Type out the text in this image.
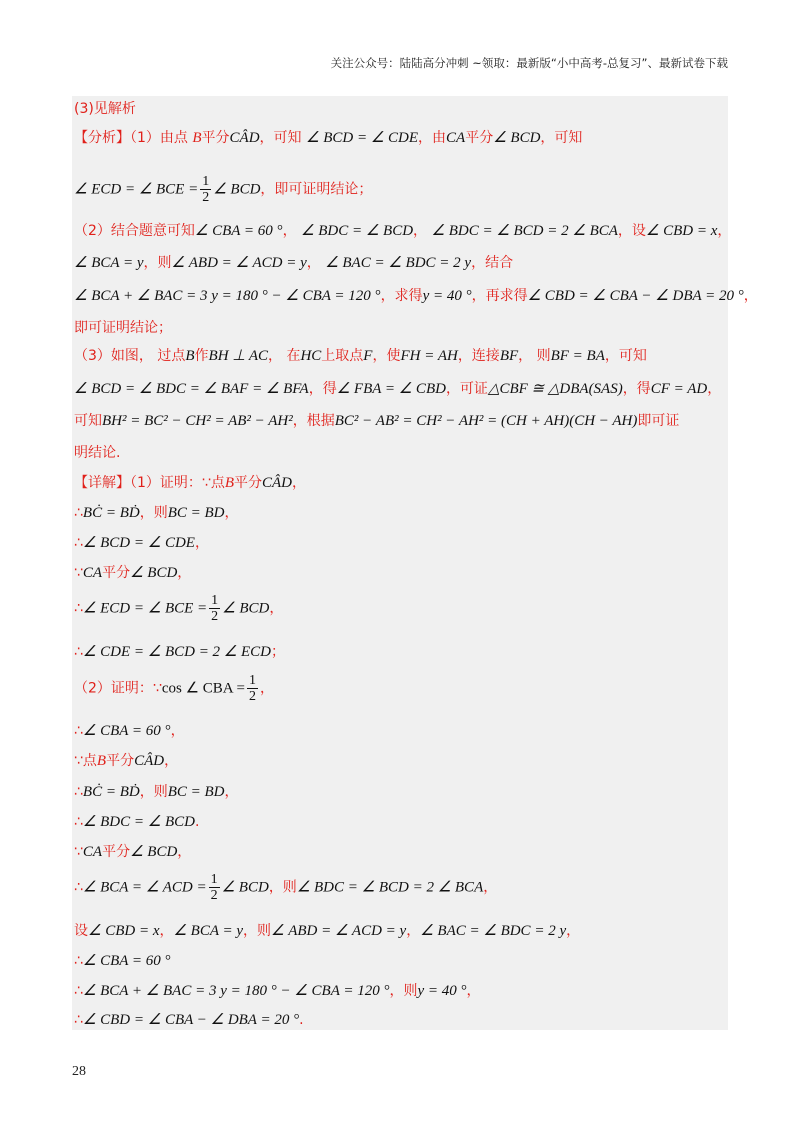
关注公众号：陆陆高分冲刺 ~领取：最新版“小中高考-总复习”、最新试卷下载
(3)见解析
【分析】（1）由点 B平分CÂD，可知 ∠ BCD = ∠ CDE，由CA平分∠ BCD，可知
∠ ECD = ∠ BCE = $\frac{1}{2}$ ∠ BCD，即可证明结论；
（2）结合题意可知∠ CBA = 60 °， ∠ BDC = ∠ BCD， ∠ BDC = ∠ BCD = 2 ∠ BCA，设∠ CBD = x，
∠ BCA = y，则∠ ABD = ∠ ACD = y， ∠ BAC = ∠ BDC = 2 y，结合
∠ BCA + ∠ BAC = 3 y = 180 ° − ∠ CBA = 120 °，求得y = 40 °，再求得∠ CBD = ∠ CBA − ∠ DBA = 20 °，
即可证明结论；
（3）如图， 过点B作BH ⊥ AC， 在HC上取点F，使FH = AH，连接BF， 则BF = BA，可知
∠ BCD = ∠ BDC = ∠ BAF = ∠ BFA，得∠ FBA = ∠ CBD，可证△CBF ≅ △DBA(SAS)，得CF = AD，
可知BH² = BC² − CH² = AB² − AH²，根据BC² − AB² = CH² − AH² = (CH + AH)(CH − AH)即可证
明结论.
【详解】（1）证明：∵点B平分CÂD，
∴BĊ = BḊ，则BC = BD，
∴∠ BCD = ∠ CDE，
∵CA平分∠ BCD，
∴∠ ECD = ∠ BCE = $\frac{1}{2}$ ∠ BCD，
∴∠ CDE = ∠ BCD = 2 ∠ ECD；
（2）证明：∵cos ∠ CBA = $\frac{1}{2}$ ，
∴∠ CBA = 60 °，
∵点B平分CÂD，
∴BĊ = BḊ，则BC = BD，
∴∠ BDC = ∠ BCD.
∵CA平分∠ BCD，
∴∠ BCA = ∠ ACD = $\frac{1}{2}$ ∠ BCD，则∠ BDC = ∠ BCD = 2 ∠ BCA，
设∠ CBD = x，∠ BCA = y，则∠ ABD = ∠ ACD = y，∠ BAC = ∠ BDC = 2 y，
∴∠ CBA = 60 °
∴∠ BCA + ∠ BAC = 3 y = 180 ° − ∠ CBA = 120 °，则y = 40 °，
∴∠ CBD = ∠ CBA − ∠ DBA = 20 °.
28
